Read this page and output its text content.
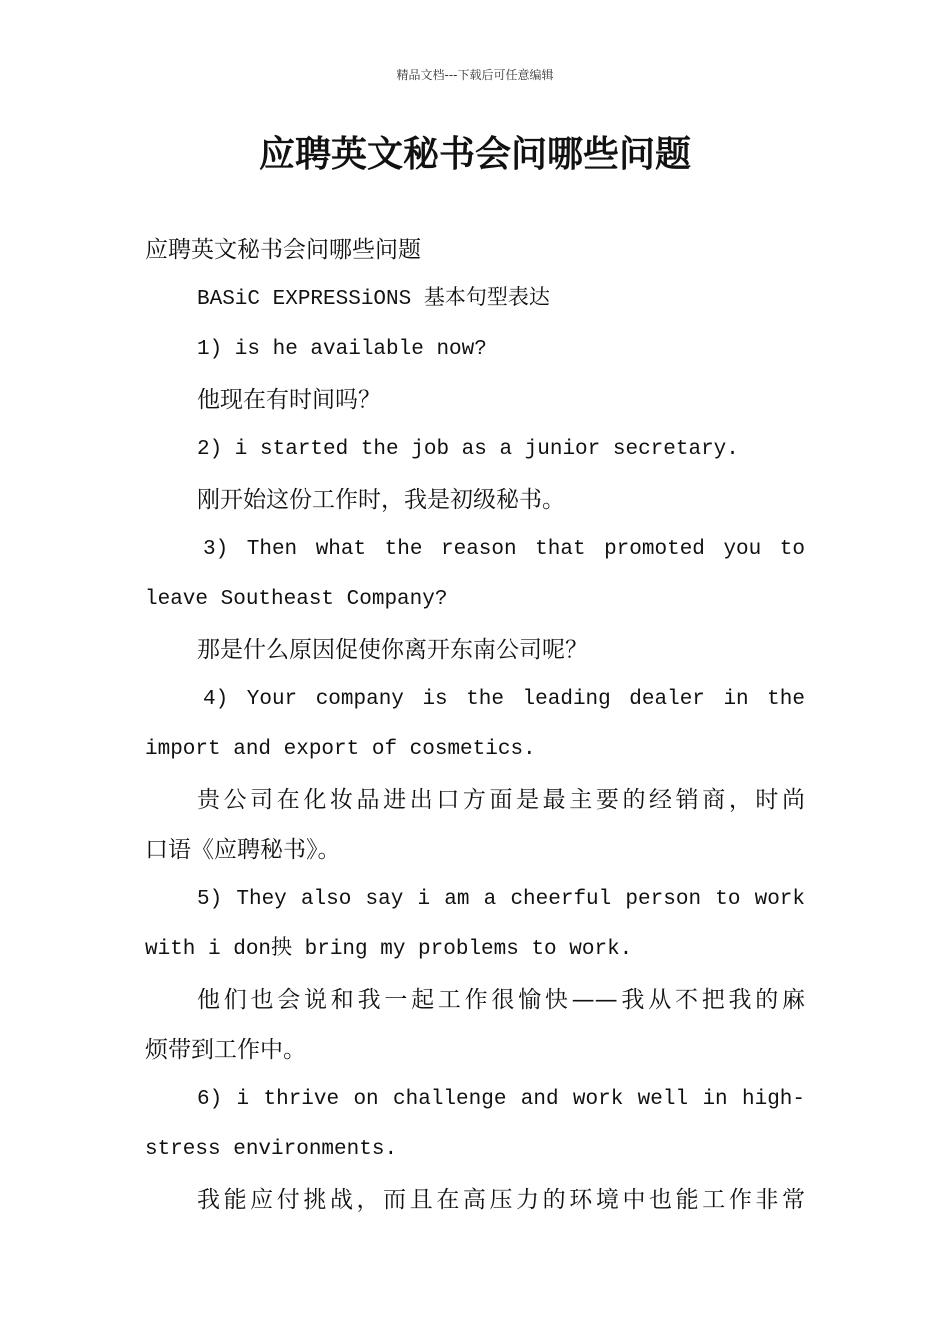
精品文档---下载后可任意编辑
应聘英文秘书会问哪些问题
应聘英文秘书会问哪些问题
BASiC EXPRESSiONS 基本句型表达
1) is he available now?
他现在有时间吗？
2) i started the job as a junior secretary.
刚开始这份工作时，我是初级秘书。
3) Then what the reason that promoted you to
leave Southeast Company?
那是什么原因促使你离开东南公司呢？
4) Your company is the leading dealer in the
import and export of cosmetics.
贵公司在化妆品进出口方面是最主要的经销商，时尚
口语《应聘秘书》。
5) They also say i am a cheerful person to work
with i don抰 bring my problems to work.
他们也会说和我一起工作很愉快——我从不把我的麻
烦带到工作中。
6) i thrive on challenge and work well in high-
stress environments.
我能应付挑战，而且在高压力的环境中也能工作非常
